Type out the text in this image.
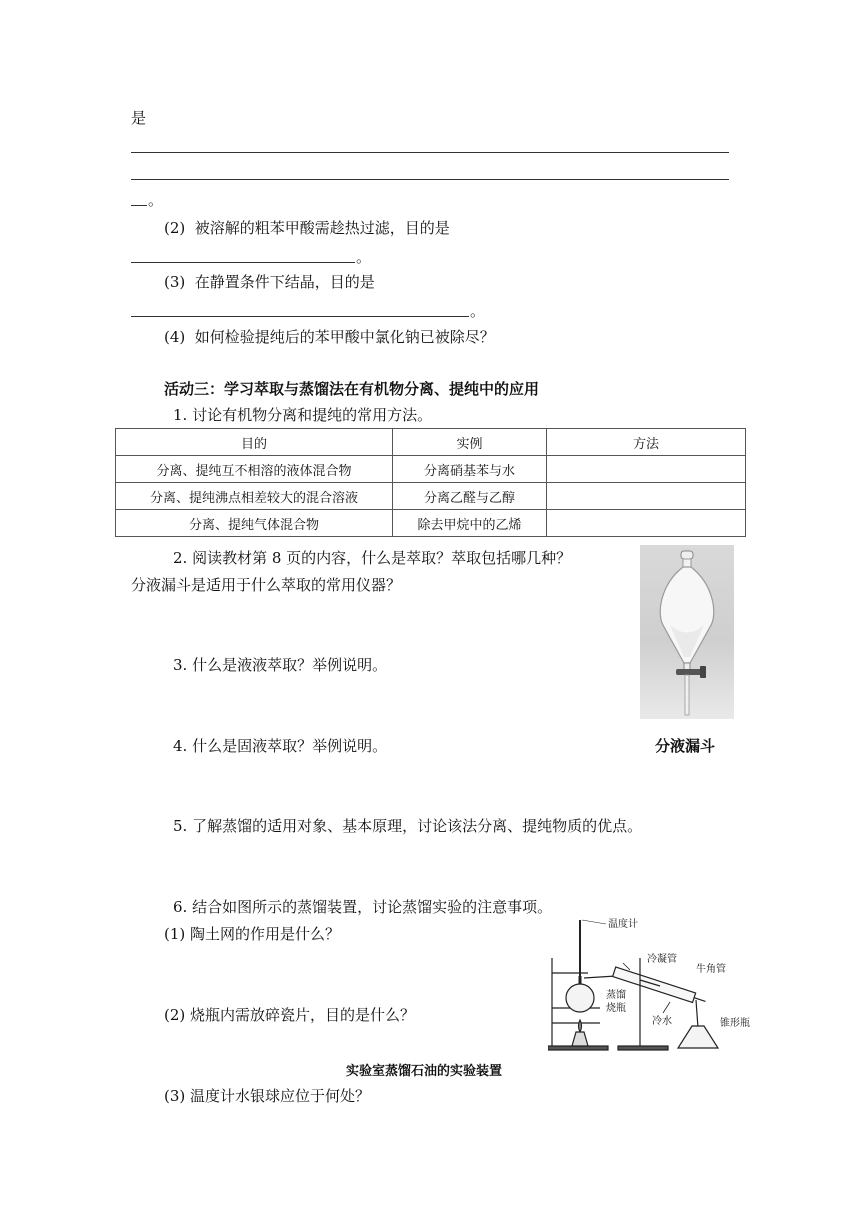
是
。
(2) 被溶解的粗苯甲酸需趁热过滤，目的是
。
(3) 在静置条件下结晶，目的是
。
(4) 如何检验提纯后的苯甲酸中氯化钠已被除尽？
活动三：学习萃取与蒸馏法在有机物分离、提纯中的应用
1. 讨论有机物分离和提纯的常用方法。
目的	实例	方法
分离、提纯互不相溶的液体混合物	分离硝基苯与水	
分离、提纯沸点相差较大的混合溶液	分离乙醛与乙醇	
分离、提纯气体混合物	除去甲烷中的乙烯	
2. 阅读教材第 8 页的内容，什么是萃取？萃取包括哪几种？
分液漏斗是适用于什么萃取的常用仪器？
分液漏斗
3. 什么是液液萃取？举例说明。
4. 什么是固液萃取？举例说明。
5. 了解蒸馏的适用对象、基本原理，讨论该法分离、提纯物质的优点。
6. 结合如图所示的蒸馏装置，讨论蒸馏实验的注意事项。
(1) 陶土网的作用是什么？
(2) 烧瓶内需放碎瓷片，目的是什么？
(3) 温度计水银球应位于何处？
温度计
冷凝管
牛角管
蒸馏
烧瓶
冷水	锥形瓶
实验室蒸馏石油的实验装置
